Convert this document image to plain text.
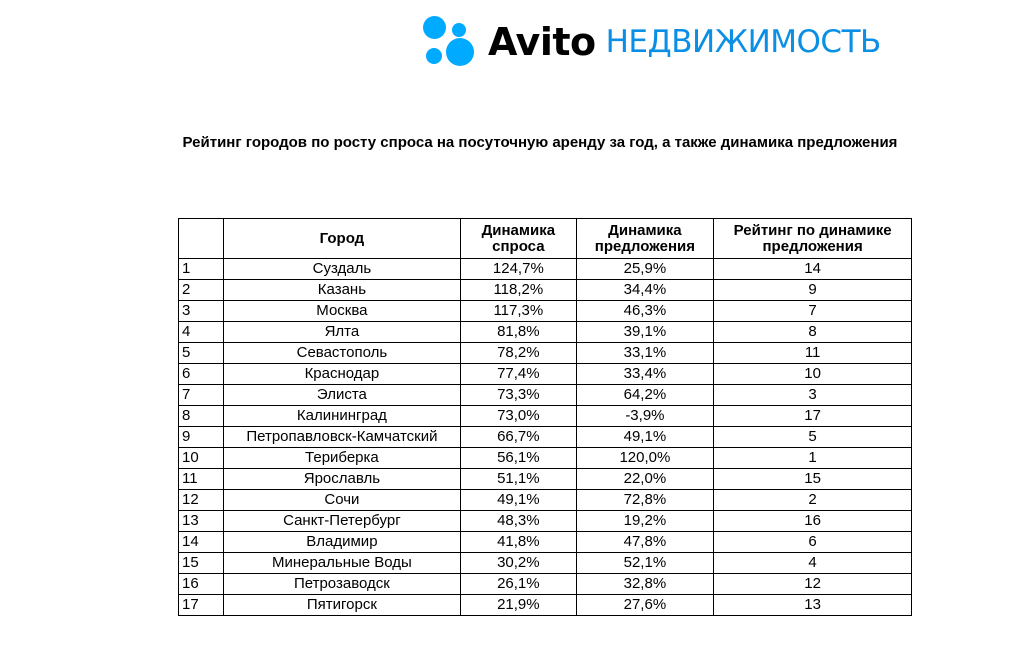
Avito НЕДВИЖИМОСТЬ
Рейтинг городов по росту спроса на посуточную аренду за год, а также динамика предложения
	Город	Динамика спроса	Динамика предложения	Рейтинг по динамике предложения
1	Суздаль	124,7%	25,9%	14
2	Казань	118,2%	34,4%	9
3	Москва	117,3%	46,3%	7
4	Ялта	81,8%	39,1%	8
5	Севастополь	78,2%	33,1%	11
6	Краснодар	77,4%	33,4%	10
7	Элиста	73,3%	64,2%	3
8	Калининград	73,0%	-3,9%	17
9	Петропавловск-Камчатский	66,7%	49,1%	5
10	Териберка	56,1%	120,0%	1
11	Ярославль	51,1%	22,0%	15
12	Сочи	49,1%	72,8%	2
13	Санкт-Петербург	48,3%	19,2%	16
14	Владимир	41,8%	47,8%	6
15	Минеральные Воды	30,2%	52,1%	4
16	Петрозаводск	26,1%	32,8%	12
17	Пятигорск	21,9%	27,6%	13
